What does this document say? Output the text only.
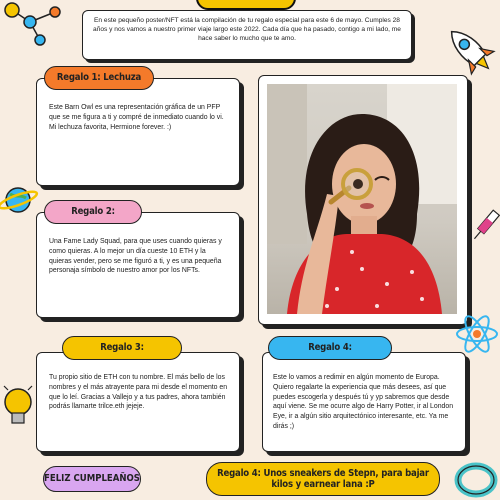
En este pequeño poster/NFT está la compilación de tu regalo especial para este 6 de mayo. Cumples 28 años y nos vamos a nuestro primer viaje largo este 2022. Cada día que ha pasado, contigo a mi lado, me hace saber lo mucho que te amo.
Este Barn Owl es una representación gráfica de un PFP que se me figura a ti y compré de inmediato cuando lo vi. Mi lechuza favorita, Hermione forever. :)
Regalo 1: Lechuza
Una Fame Lady Squad, para que uses cuando quieras y como quieras. A lo mejor un día cueste 10 ETH y la quieras vender, pero se me figuró a ti, y es una pequeña personaja símbolo de nuestro amor por los NFTs.
Regalo 2:
Tu propio sitio de ETH con tu nombre. El más bello de los nombres y el más atrayente para mi desde el momento en que lo leí. Gracias a Vallejo y a tus padres, ahora también podrás llamarte trilce.eth jejeje.
Regalo 3:
Este lo vamos a redimir en algún momento de Europa. Quiero regalarte la experiencia que más desees, así que puedes escogerla y después tú y yp sabremos que desde aquí viene. Se me ocurre algo de Harry Potter, ir al London Eye, ir a algún sitio arquitectónico interesante, etc. Ya me dirás ;)
Regalo 4:
FELIZ CUMPLEAÑOS	Regalo 4: Unos sneakers de Stepn, para bajar
kilos y earnear lana :P
